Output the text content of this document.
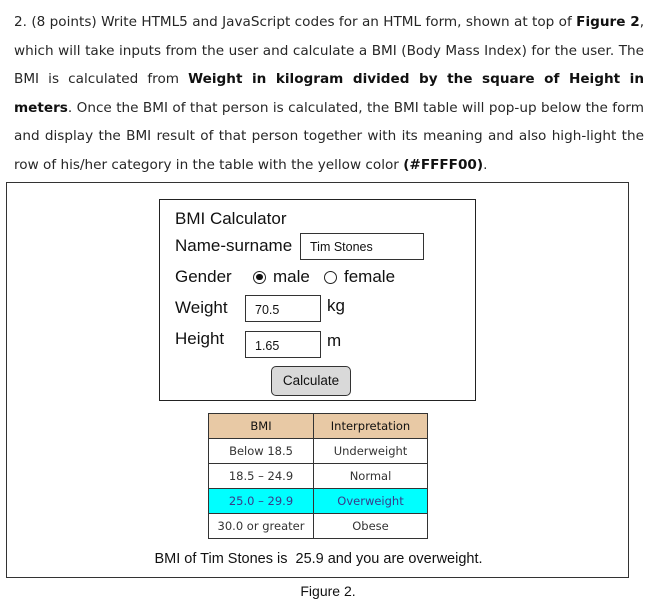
2. (8 points) Write HTML5 and JavaScript codes for an HTML form, shown at top of Figure 2, which will take inputs from the user and calculate a BMI (Body Mass Index) for the user. The BMI is calculated from Weight in kilogram divided by the square of Height in meters. Once the BMI of that person is calculated, the BMI table will pop-up below the form and display the BMI result of that person together with its meaning and also high-light the row of his/her category in the table with the yellow color (#FFFF00).
BMI Calculator
Name-surname	Tim Stones
Gender male female
Weight	70.5	kg
Height	1.65	m
Calculate
BMI	Interpretation
Below 18.5	Underweight
18.5 – 24.9	Normal
25.0 – 29.9	Overweight
30.0 or greater	Obese
BMI of Tim Stones is  25.9 and you are overweight.
Figure 2.
